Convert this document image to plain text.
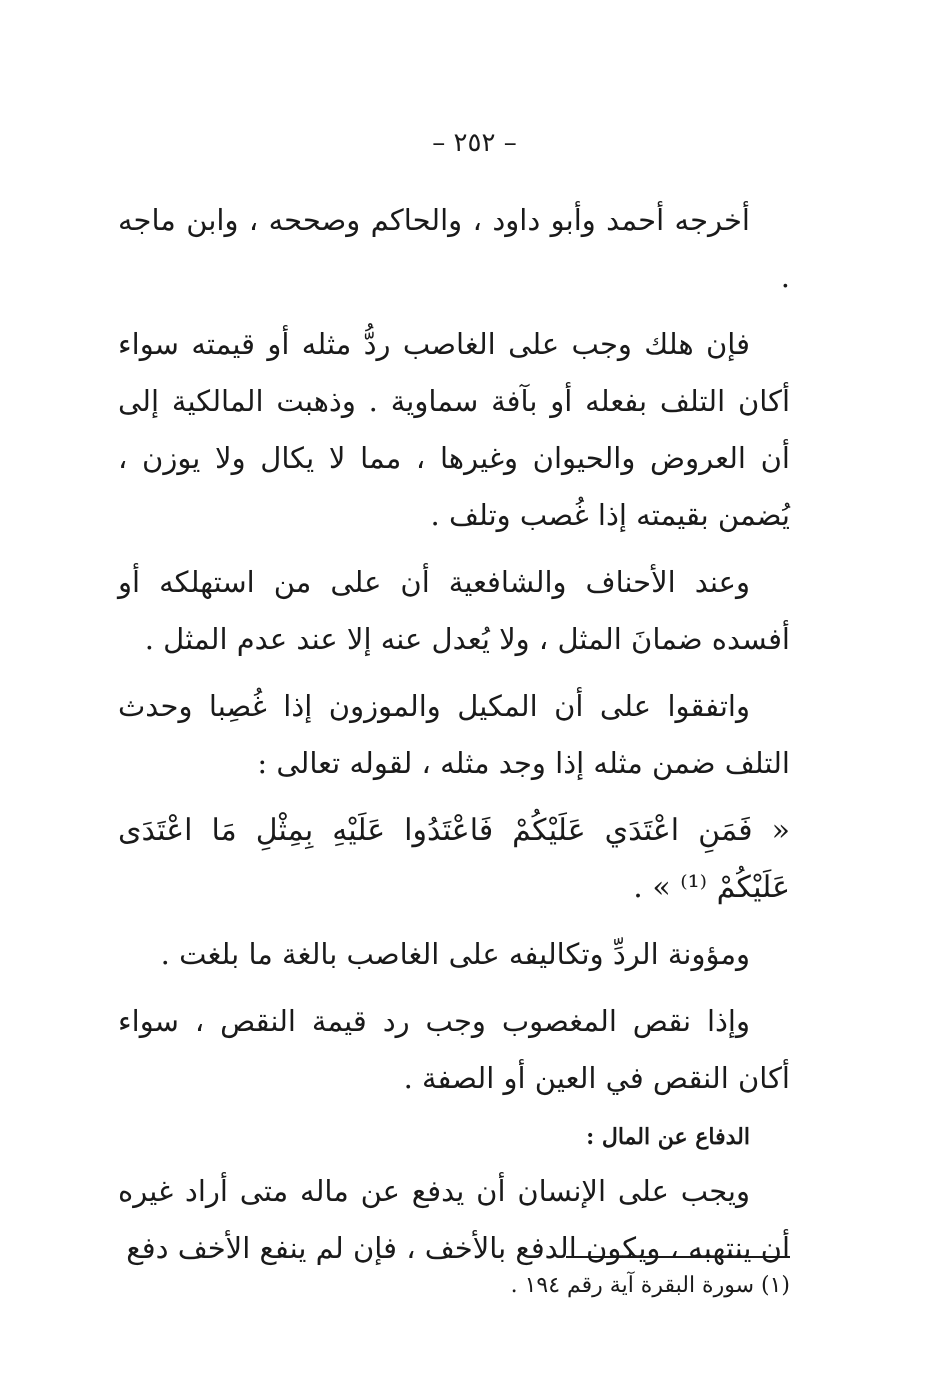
– ٢٥٢ –

أخرجه أحمد وأبو داود ، والحاكم وصححه ، وابن ماجه .

فإن هلك وجب على الغاصب ردُّ مثله أو قيمته سواء أكان التلف بفعله أو بآفة سماوية . وذهبت المالكية إلى أن العروض والحيوان وغيرها ، مما لا يكال ولا يوزن ، يُضمن بقيمته إذا غُصب وتلف .

وعند الأحناف والشافعية أن على من استهلكه أو أفسده ضمانَ المثل ، ولا يُعدل عنه إلا عند عدم المثل .

واتفقوا على أن المكيل والموزون إذا غُصِبا وحدث التلف ضمن مثله إذا وجد مثله ، لقوله تعالى :

« فَمَنِ اعْتَدَي عَلَيْكُمْ فَاعْتَدُوا عَلَيْهِ بِمِثْلِ مَا اعْتَدَى عَلَيْكُمْ ⁽¹⁾ » .

ومؤونة الردِّ وتكاليفه على الغاصب بالغة ما بلغت .

وإذا نقص المغصوب وجب رد قيمة النقص ، سواء أكان النقص في العين أو الصفة .

الدفاع عن المال :

ويجب على الإنسان أن يدفع عن ماله متى أراد غيره أن ينتهبه ، ويكون الدفع بالأخف ، فإن لم ينفع الأخف دفع

(١) سورة البقرة آية رقم ١٩٤ .
